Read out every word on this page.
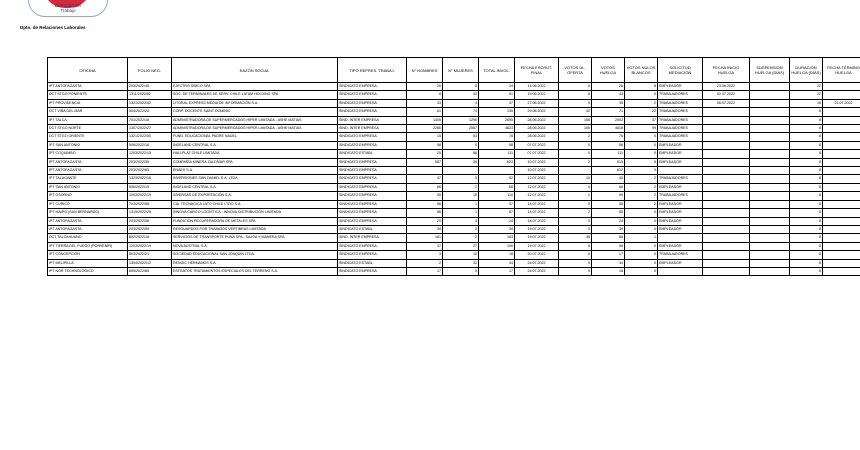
Dirección del
Trabajo
Dpto. de Relaciones Laborales
OFICINA	FOLIO NEG.	RAZÓN SOCIAL	TIPO REPRES. TRABAJ.	N° HOMBRES	N° MUJERES	TOTAL INVOL.	FECHA ESCRUT. FINAL	VOTOS ÚL. OFERTA	VOTOS HUELGA	VOTOS NULOS BLANCOS	SOLICITUD MEDIACIÓN	FECHA INICIO HUELGA	SUSPENSIÓN HUELGA (DÍAS)	DURACIÓN HUELGA (DÍAS)	FECHA TÉRMINO HUELGA
IPT ANTOFAGASTA	203/2022/45	EJECTRO SIMCO SPA	SINDICATO EMPRESA	26	8	34	14.06.2022	0	26	8	EMPLEADOR	23.06.2022		22	
DCT STGO PONIENTE	1311/2022/82	SOC. DE TERMINALES DE SERV. CHILE LATAM HOLDING SPA	SINDICATO EMPRESA	8	43	51	19.06.2022	8	43	0	TRABAJADORES	02.07.2022		22	
IPT PROVIDENCIA	1321/2022/52	LITORAL EXPRESS MEDIA DE INFORMACIÓN S.A.	SINDICATO EMPRESA	33	4	37	27.06.2022	0	35	2	TRABAJADORES	06.07.2022		16	21.07.2022
DCT VIÑA DEL MAR	504/2022/20	CORP. DOCENTE SAINT DOMINIC	SINDICATO EMPRESA	61	74	135	29.06.2022	42	71	22	TRABAJADORES			8	
IPT TALCA	701/2022/18	ADMINISTRADORA DE SUPERMERCADOS HIPER LIMITADA - ASHE MATIAS	SIND. INTER EMPRESA	1405	1290	2695	28.06.2022	156	2502	37	TRABAJADORES			8	
DCT STGO NORTE	1307/2022/27	ADMINISTRADORA DE SUPERMERCADOS HIPER LIMITADA - ASHE MATIAS	SIND. INTER EMPRESA	2266	2557	4823	28.06.2022	106	4618	99	TRABAJADORES			8	
DCT STGO ORIENTE	1321/2022/50	FUND. EDUCACIONAL PADRE NAÚEL	SINDICATO EMPRESA	15	63	78	28.06.2022	2	76	0	TRABAJADORES			8	
IPT SAN ANTONIO	506/2022/16	INGELAND CENTRAL S.A.	SINDICATO EMPRESA	58	0	58	07.07.2022	0	58	0	EMPLEADOR			8	
IPT COQUIMBO	1203/2022/15	HALLPLAT CHILE LIMITADA	SINDICATO ESTABL.	25	86	111	07.07.2022	0	111	0	EMPLEADOR			8	
IPT ANTOFAGASTA	203/2022/55	COMPAÑÍA MINERA ZALDÍVAR SPA	SINDICATO EMPRESA	587	36	623	10.07.2022	2	615	6	EMPLEADOR			8	
IPT ANTOFAGASTA	203/2022/65	ENAEX S.A.	SINDICATO EMPRESA				10.07.2022		612	0				8	
IPT TALAGANTE	1323/2022/16	INVERSIONES SAN DANIEL S.A. LTDA.	SINDICATO EMPRESA	47	5	52	12.07.2022	10	40	2	TRABAJADORES			8	
IPT SAN ANTONIO	506/2022/19	INGELAND CENTRAL S.A.	SINDICATO EMPRESA	66	2	68	12.07.2022	0	66	2	EMPLEADOR			8	
IPT OSORNO	1003/2022/19	INVERSAS DE EXPORTACIÓN S.A.	SINDICATO EMPRESA	95	15	110	12.07.2022	1	99	2	TRABAJADORES			8	
IPT CURICÓ	703/2022/58	CIA. TECNÁGICA LATO CHILE LTDO S.A.	SINDICATO EMPRESA	56	1	57	14.07.2022	0	55	2	EMPLEADOR			8	
IPT MAIPO (SAN BERNARDO)	1315/2022/28	INNOVA CARGO LOGÍSTICA - INNOVA DISTRIBUCIÓN LIMITADA	SINDICATO EMPRESA	86	1	87	14.07.2022	2	85	0	EMPLEADOR			8	
IPT ANTOFAGASTA	203/2022/58	FUNDICIÓN RECUPERADORA DE METALES SPA	SINDICATO EMPRESA	20	4	24	18.07.2022	0	24	0	EMPLEADOR			8	
IPT ANTOFAGASTA	203/2022/59	RESGUARDOS POR TRABAJOS VERTIBRAS LIMITADA	SINDICATO ESTABL.	39	0	39	19.07.2022	0	39	0	EMPLEADOR			8	
DCT TALCAHUANO	802/2022/18	SERVICIOS DE TRANSPORTE PUNA SPA - SAJOA Y MANERA SPA	SIND. INTER EMPRESA	181	2	183	19.07.2022	36	88	1				8	
IPT TIERRA DEL FUEGO (PORVENIR)	1203/2022/19	NOVA AUSTRAL S.A.	SINDICATO EMPRESA	37	27	106	19.07.2022	6	98	0	EMPLEADOR			8	
IPT CONCEPCIÓN	803/2022/21	SOCIEDAD EDUCACIONAL SAN JOAQUÍN LTDA.	SINDICATO EMPRESA	3	10	18	20.07.2022	0	17	0	TRABAJADORES			8	
IPT MELIPILLA	1304/2022/12	RENGIC HERMANOS S.A.	SINDICATO ESTABL.	2	32	34	24.07.2022	0	34	0	EMPLEADOR			8	
IPT NOR TECHNOLÓGICO	805/2022/85	ESTRATOS TRATAMIENTOS ESPECIALES DEL TERRENO S.A.	SINDICATO EMPRESA	17	0	17	24.07.2022	0	18	0				8	
